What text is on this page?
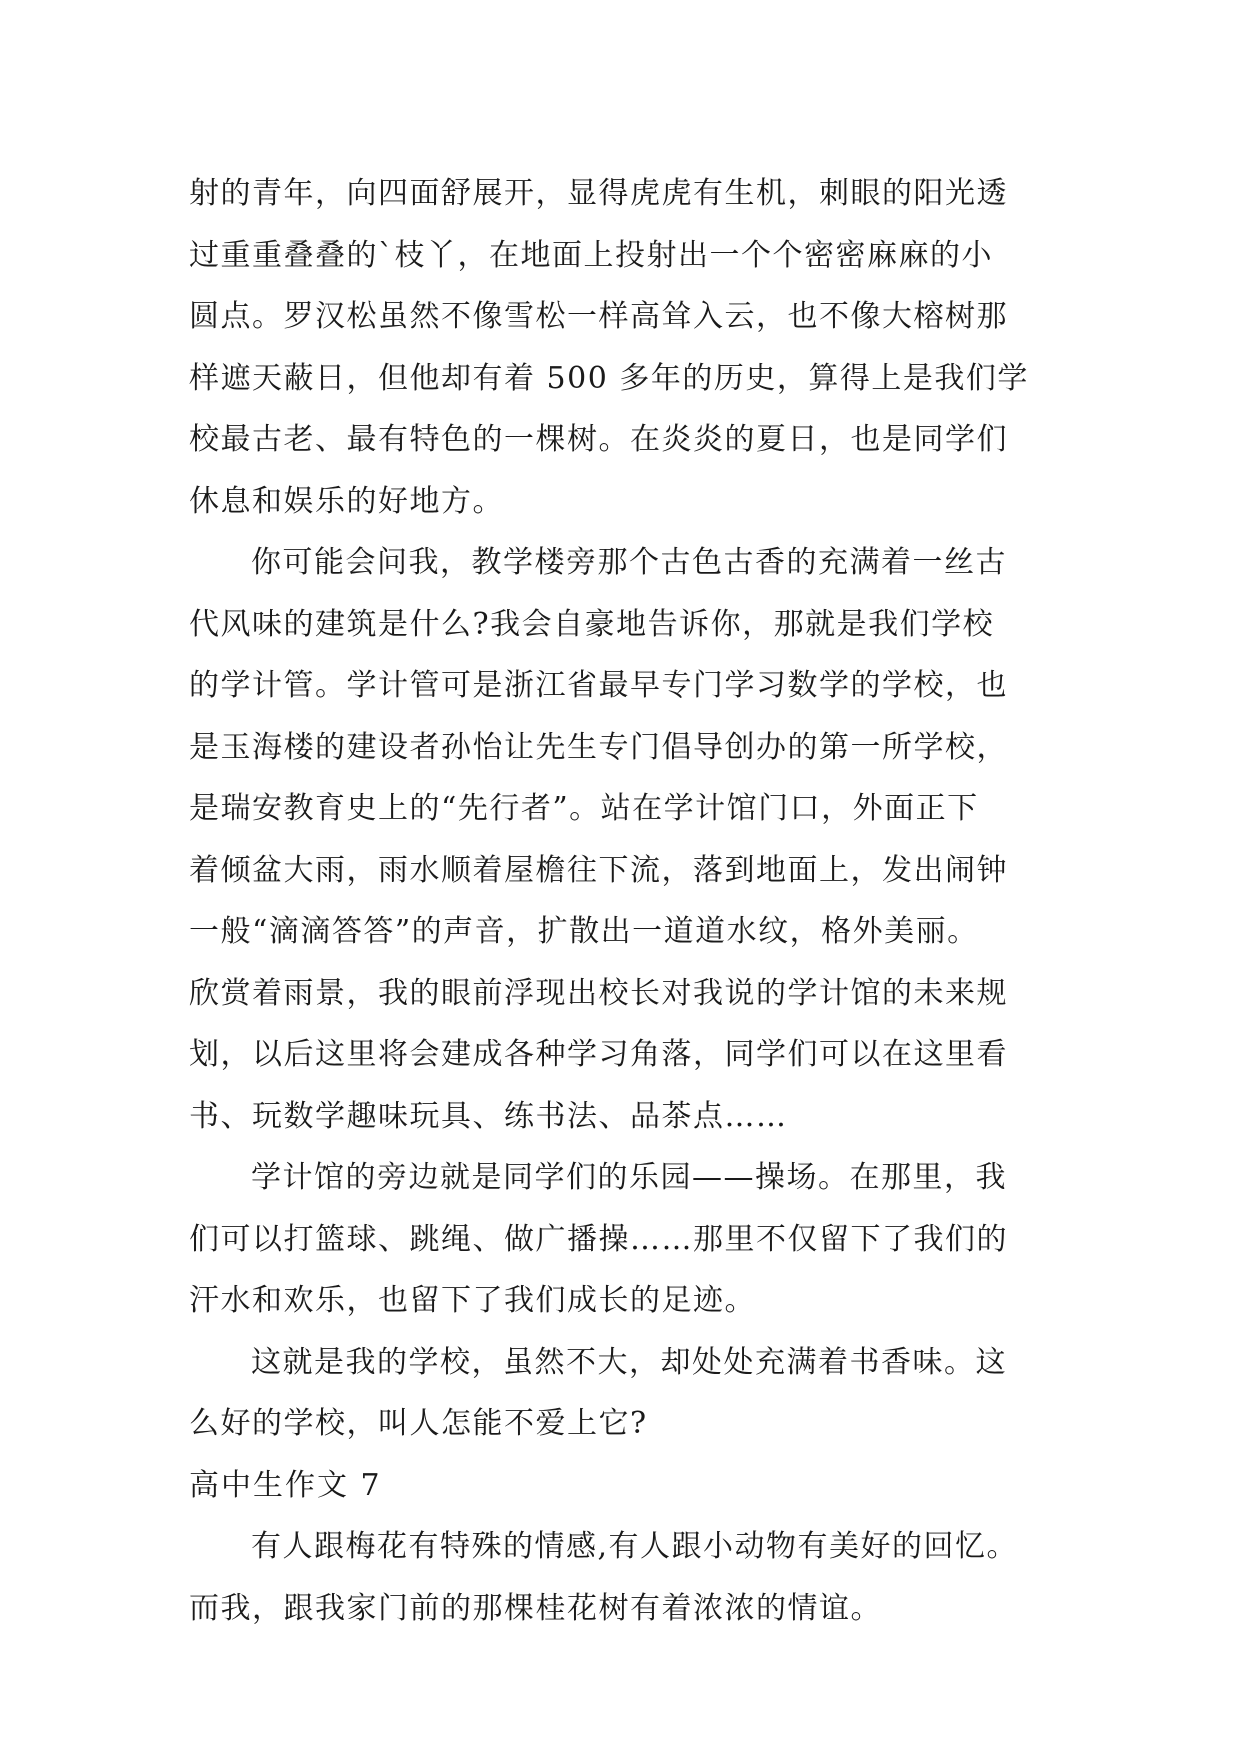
射的青年，向四面舒展开，显得虎虎有生机，刺眼的阳光透
过重重叠叠的`枝丫，在地面上投射出一个个密密麻麻的小
圆点。罗汉松虽然不像雪松一样高耸入云，也不像大榕树那
样遮天蔽日，但他却有着 500 多年的历史，算得上是我们学
校最古老、最有特色的一棵树。在炎炎的夏日，也是同学们
休息和娱乐的好地方。
你可能会问我，教学楼旁那个古色古香的充满着一丝古
代风味的建筑是什么?我会自豪地告诉你，那就是我们学校
的学计管。学计管可是浙江省最早专门学习数学的学校，也
是玉海楼的建设者孙怡让先生专门倡导创办的第一所学校，
是瑞安教育史上的“先行者”。站在学计馆门口，外面正下
着倾盆大雨，雨水顺着屋檐往下流，落到地面上，发出闹钟
一般“滴滴答答”的声音，扩散出一道道水纹，格外美丽。
欣赏着雨景，我的眼前浮现出校长对我说的学计馆的未来规
划，以后这里将会建成各种学习角落，同学们可以在这里看
书、玩数学趣味玩具、练书法、品茶点……
学计馆的旁边就是同学们的乐园——操场。在那里，我
们可以打篮球、跳绳、做广播操……那里不仅留下了我们的
汗水和欢乐，也留下了我们成长的足迹。
这就是我的学校，虽然不大，却处处充满着书香味。这
么好的学校，叫人怎能不爱上它?
高中生作文 7
有人跟梅花有特殊的情感,有人跟小动物有美好的回忆。
而我，跟我家门前的那棵桂花树有着浓浓的情谊。
